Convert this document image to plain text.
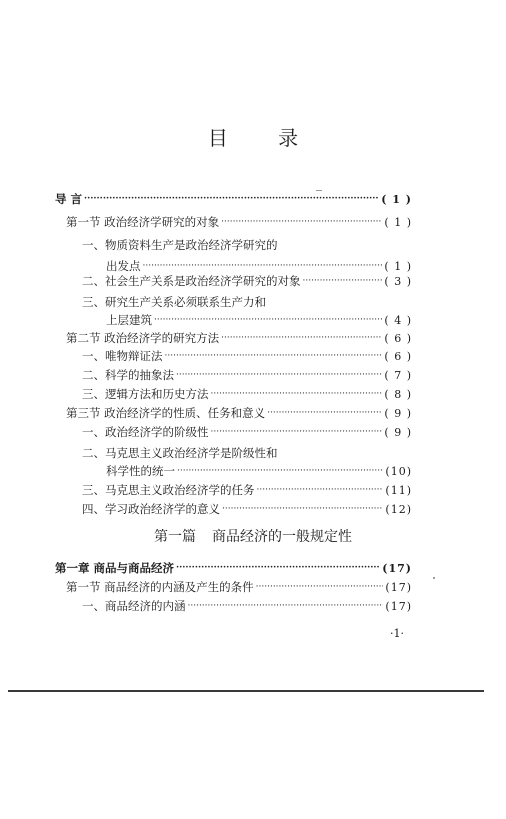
目 录
导 言 ·····	( 1 )
第一节 政治经济学研究的对象 ·····	( 1 )
一、物质资料生产是政治经济学研究的
出发点 ·····	( 1 )
二、社会生产关系是政治经济学研究的对象 ·····	( 3 )
三、研究生产关系必须联系生产力和
上层建筑 ·····	( 4 )
第二节 政治经济学的研究方法 ·····	( 6 )
一、唯物辩证法 ·····	( 6 )
二、科学的抽象法 ·····	( 7 )
三、逻辑方法和历史方法 ·····	( 8 )
第三节 政治经济学的性质、任务和意义 ·····	( 9 )
一、政治经济学的阶级性 ·····	( 9 )
二、马克思主义政治经济学是阶级性和
科学性的统一 ·····	(10)
三、马克思主义政治经济学的任务 ·····	(11)
四、学习政治经济学的意义 ·····	(12)
第一章 商品与商品经济 ·····	(17)
第一节 商品经济的内涵及产生的条件 ·····	(17)
一、商品经济的内涵 ·····	(17)
第一篇 商品经济的一般规定性
·1·
